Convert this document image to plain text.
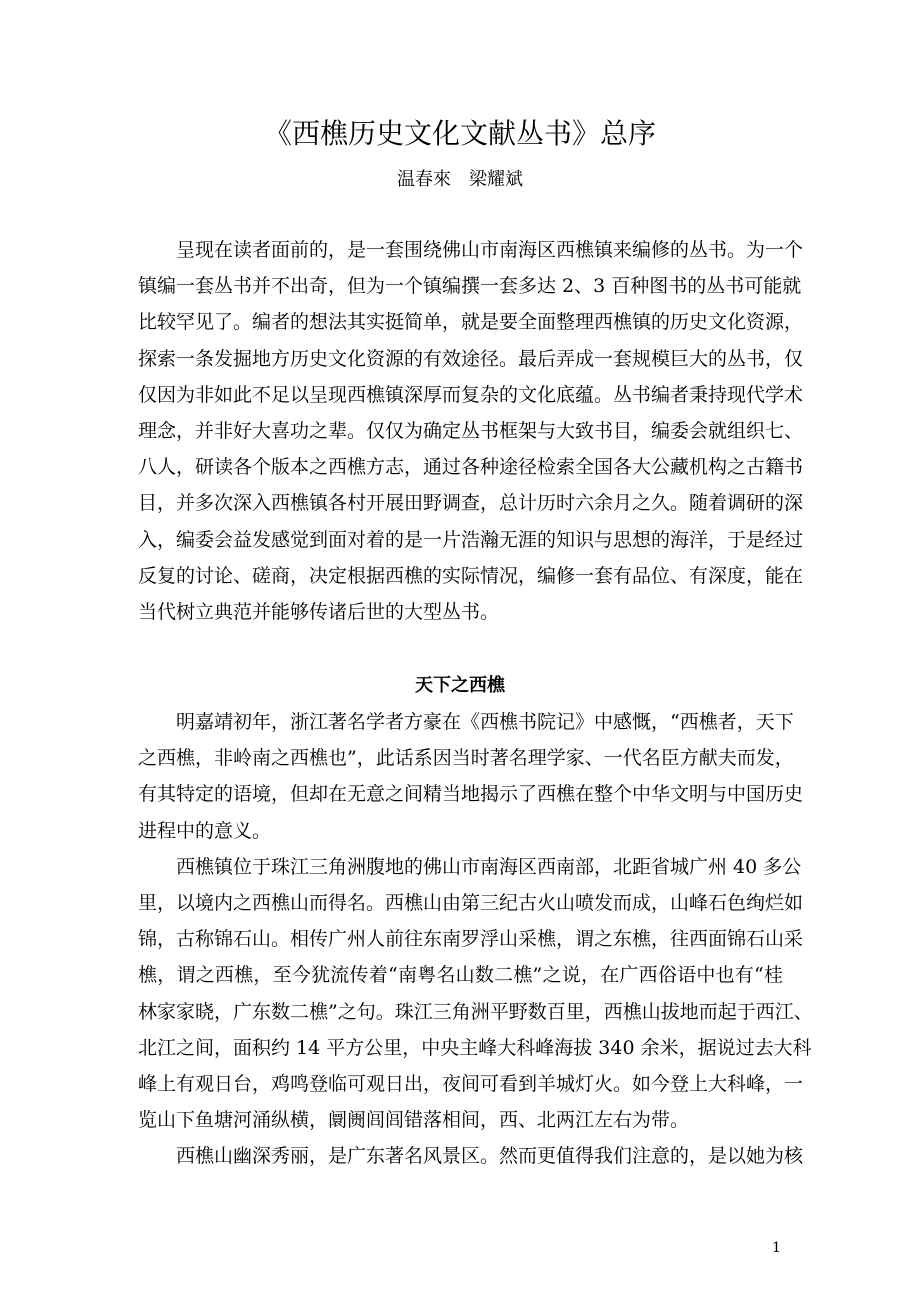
《西樵历史文化文献丛书》总序
温春來　梁耀斌
呈现在读者面前的，是一套围绕佛山市南海区西樵镇来编修的丛书。为一个
镇编一套丛书并不出奇，但为一个镇编撰一套多达 2、3 百种图书的丛书可能就
比较罕见了。编者的想法其实挺简单，就是要全面整理西樵镇的历史文化资源，
探索一条发掘地方历史文化资源的有效途径。最后弄成一套规模巨大的丛书，仅
仅因为非如此不足以呈现西樵镇深厚而复杂的文化底蕴。丛书编者秉持现代学术
理念，并非好大喜功之辈。仅仅为确定丛书框架与大致书目，编委会就组织七、
八人，研读各个版本之西樵方志，通过各种途径检索全国各大公藏机构之古籍书
目，并多次深入西樵镇各村开展田野调查，总计历时六余月之久。随着调研的深
入，编委会益发感觉到面对着的是一片浩瀚无涯的知识与思想的海洋，于是经过
反复的讨论、磋商，决定根据西樵的实际情况，编修一套有品位、有深度，能在
当代树立典范并能够传诸后世的大型丛书。
天下之西樵
明嘉靖初年，浙江著名学者方豪在《西樵书院记》中感慨，“西樵者，天下
之西樵，非岭南之西樵也”，此话系因当时著名理学家、一代名臣方献夫而发，
有其特定的语境，但却在无意之间精当地揭示了西樵在整个中华文明与中国历史
进程中的意义。
西樵镇位于珠江三角洲腹地的佛山市南海区西南部，北距省城广州 40 多公
里，以境内之西樵山而得名。西樵山由第三纪古火山喷发而成，山峰石色绚烂如
锦，古称锦石山。相传广州人前往东南罗浮山采樵，谓之东樵，往西面锦石山采
樵，谓之西樵，至今犹流传着“南粤名山数二樵”之说，在广西俗语中也有“桂
林家家晓，广东数二樵”之句。珠江三角洲平野数百里，西樵山拔地而起于西江、
北江之间，面积约 14 平方公里，中央主峰大科峰海拔 340 余米，据说过去大科
峰上有观日台，鸡鸣登临可观日出，夜间可看到羊城灯火。如今登上大科峰，一
览山下鱼塘河涌纵横，阛阓闾闾错落相间，西、北两江左右为带。
西樵山幽深秀丽，是广东著名风景区。然而更值得我们注意的，是以她为核
1
